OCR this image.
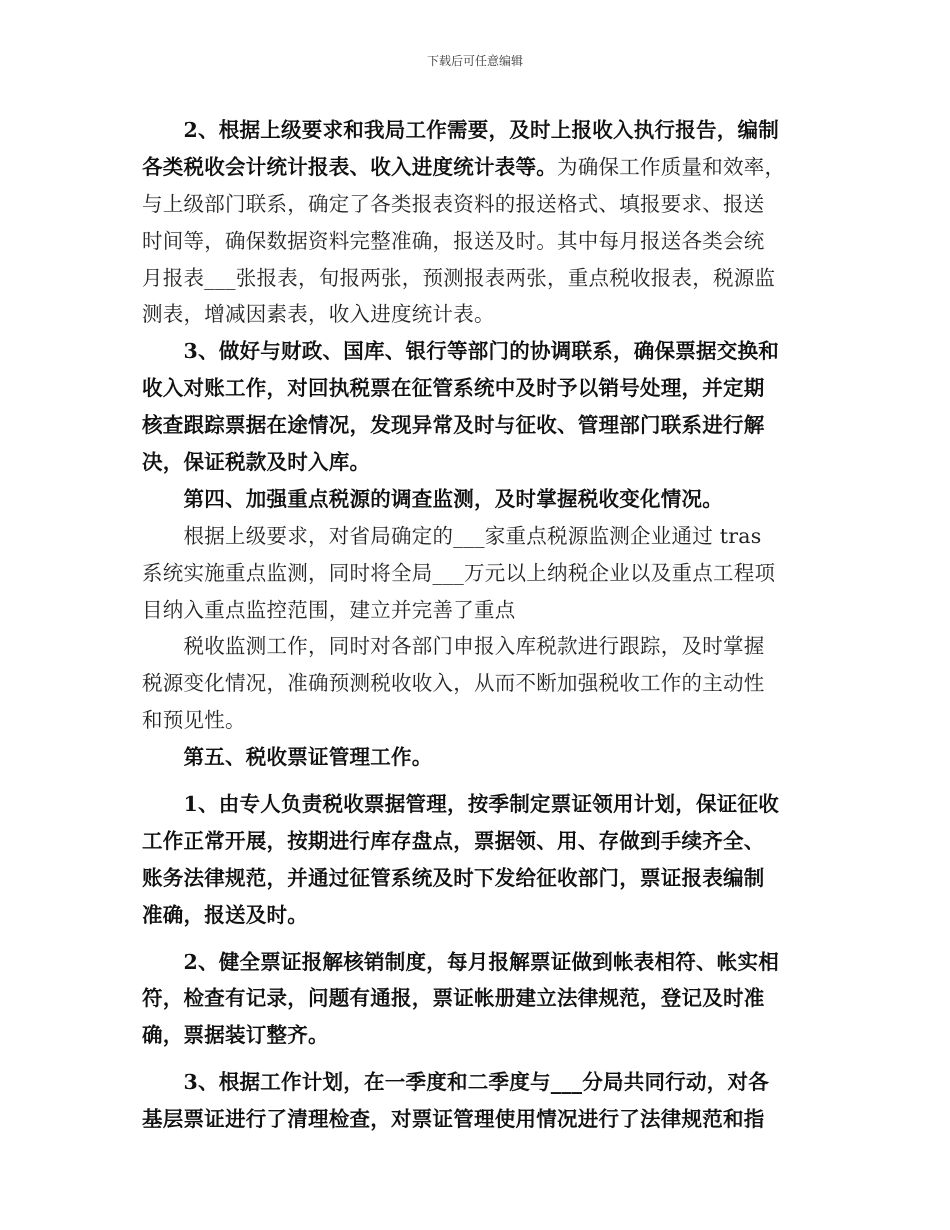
下载后可任意编辑
　　2、根据上级要求和我局工作需要，及时上报收入执行报告，编制
各类税收会计统计报表、收入进度统计表等。为确保工作质量和效率，
与上级部门联系，确定了各类报表资料的报送格式、填报要求、报送
时间等，确保数据资料完整准确，报送及时。其中每月报送各类会统
月报表___张报表，旬报两张，预测报表两张，重点税收报表，税源监
测表，增减因素表，收入进度统计表。
　　3、做好与财政、国库、银行等部门的协调联系，确保票据交换和
收入对账工作，对回执税票在征管系统中及时予以销号处理，并定期
核查跟踪票据在途情况，发现异常及时与征收、管理部门联系进行解
决，保证税款及时入库。
　　第四、加强重点税源的调查监测，及时掌握税收变化情况。
　　根据上级要求，对省局确定的___家重点税源监测企业通过 tras
系统实施重点监测，同时将全局___万元以上纳税企业以及重点工程项
目纳入重点监控范围，建立并完善了重点
　　税收监测工作，同时对各部门申报入库税款进行跟踪，及时掌握
税源变化情况，准确预测税收收入，从而不断加强税收工作的主动性
和预见性。
　　第五、税收票证管理工作。
　　1、由专人负责税收票据管理，按季制定票证领用计划，保证征收
工作正常开展，按期进行库存盘点，票据领、用、存做到手续齐全、
账务法律规范，并通过征管系统及时下发给征收部门，票证报表编制
准确，报送及时。
　　2、健全票证报解核销制度，每月报解票证做到帐表相符、帐实相
符，检查有记录，问题有通报，票证帐册建立法律规范，登记及时准
确，票据装订整齐。
　　3、根据工作计划，在一季度和二季度与___分局共同行动，对各
基层票证进行了清理检查，对票证管理使用情况进行了法律规范和指
